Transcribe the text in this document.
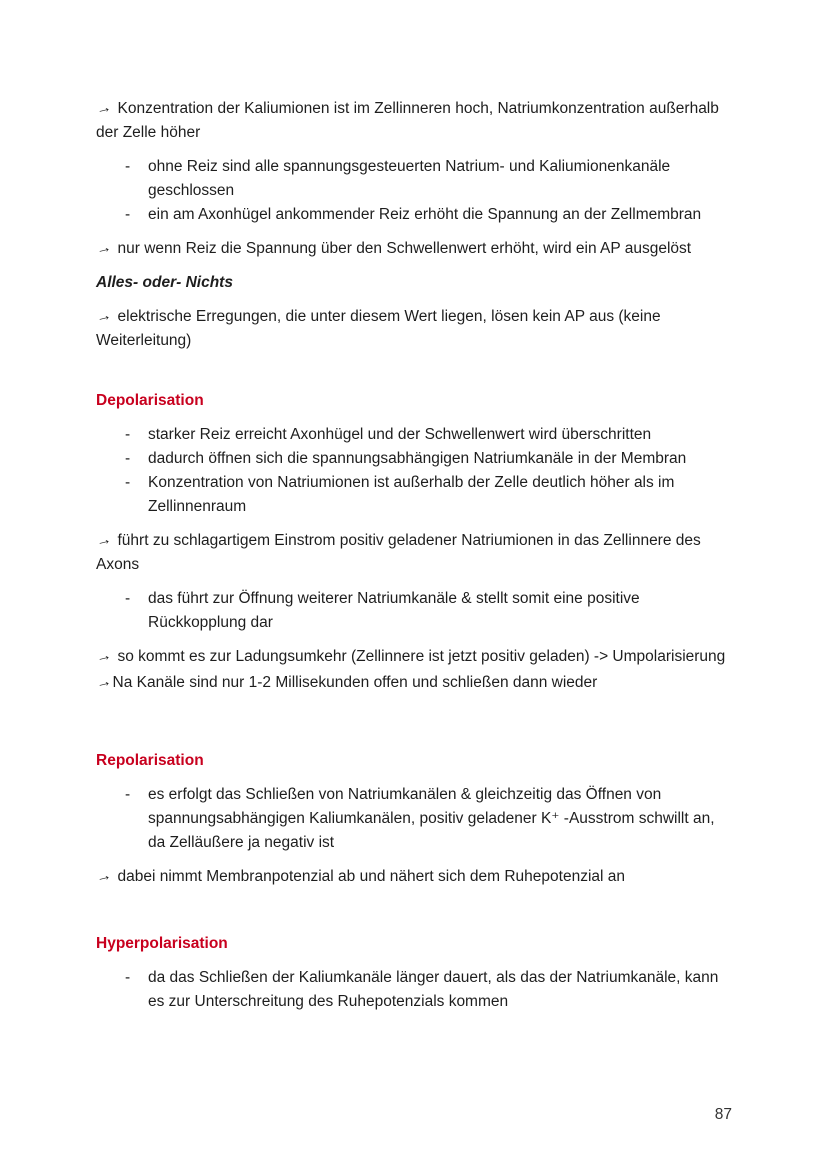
→ Konzentration der Kaliumionen ist im Zellinneren hoch, Natriumkonzentration außerhalb der Zelle höher

-	ohne Reiz sind alle spannungsgesteuerten Natrium- und Kaliumionenkanäle geschlossen
-	ein am Axonhügel ankommender Reiz erhöht die Spannung an der Zellmembran

→ nur wenn Reiz die Spannung über den Schwellenwert erhöht, wird ein AP ausgelöst

Alles- oder- Nichts

→ elektrische Erregungen, die unter diesem Wert liegen, lösen kein AP aus (keine Weiterleitung)

Depolarisation

-	starker Reiz erreicht Axonhügel und der Schwellenwert wird überschritten
-	dadurch öffnen sich die spannungsabhängigen Natriumkanäle in der Membran
-	Konzentration von Natriumionen ist außerhalb der Zelle deutlich höher als im Zellinnenraum

→ führt zu schlagartigem Einstrom positiv geladener Natriumionen in das Zellinnere des Axons

-	das führt zur Öffnung weiterer Natriumkanäle & stellt somit eine positive Rückkopplung dar

→ so kommt es zur Ladungsumkehr (Zellinnere ist jetzt positiv geladen) -> Umpolarisierung

→Na Kanäle sind nur 1-2 Millisekunden offen und schließen dann wieder

Repolarisation

-	es erfolgt das Schließen von Natriumkanälen & gleichzeitig das Öffnen von spannungsabhängigen Kaliumkanälen, positiv geladener K⁺ -Ausstrom schwillt an, da Zelläußere ja negativ ist

→ dabei nimmt Membranpotenzial ab und nähert sich dem Ruhepotenzial an

Hyperpolarisation

-	da das Schließen der Kaliumkanäle länger dauert, als das der Natriumkanäle, kann es zur Unterschreitung des Ruhepotenzials kommen
87
